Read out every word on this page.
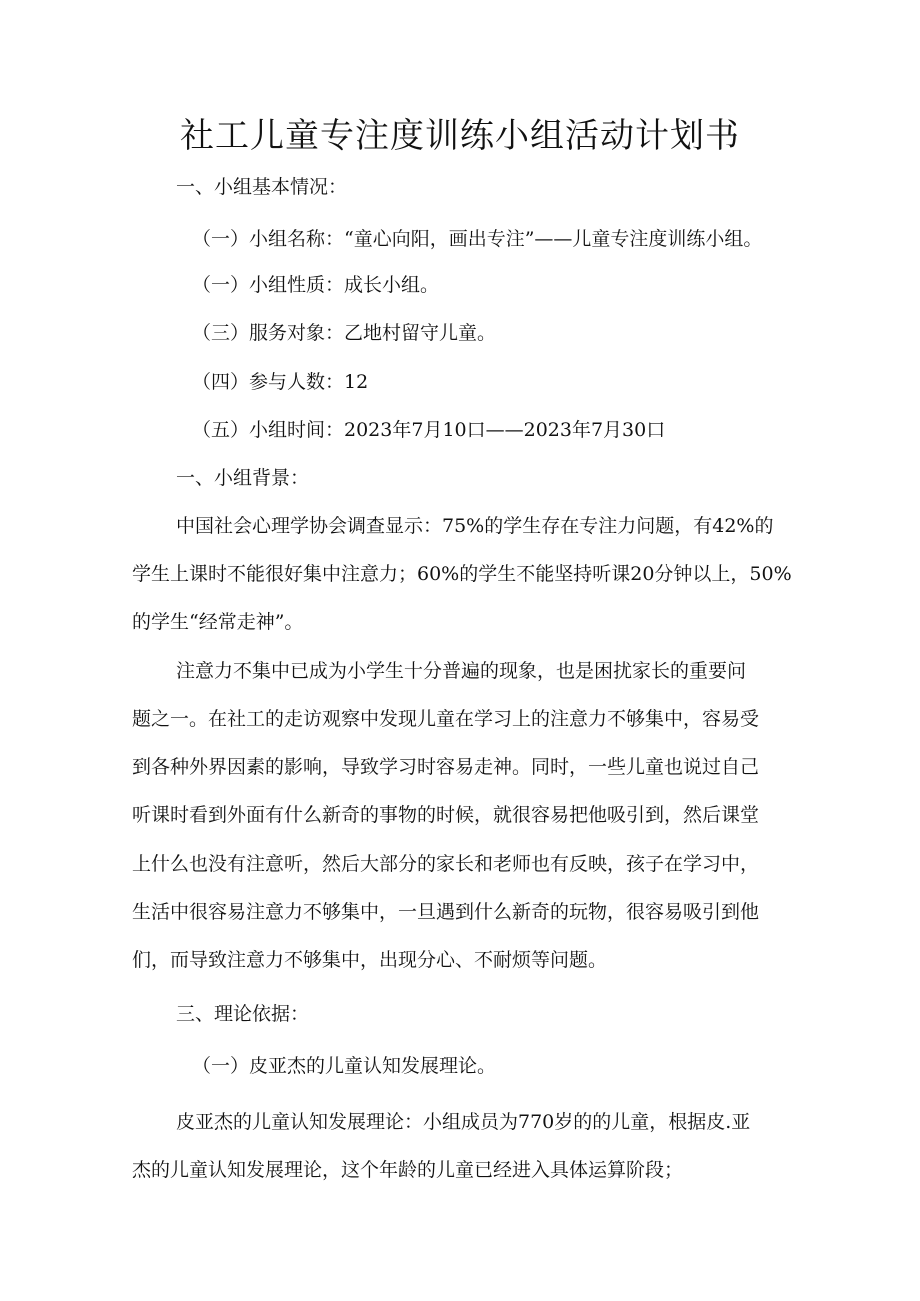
社工儿童专注度训练小组活动计划书
一、小组基本情况：
（一）小组名称：“童心向阳，画出专注”——儿童专注度训练小组。
（一）小组性质：成长小组。
（三）服务对象：乙地村留守儿童。
（四）参与人数：12
（五）小组时间：2023年7月10口——2023年7月30口
一、小组背景：
中国社会心理学协会调查显示：75%的学生存在专注力问题，有42%的
学生上课时不能很好集中注意力；60%的学生不能坚持听课20分钟以上，50%
的学生“经常走神”。
注意力不集中已成为小学生十分普遍的现象，也是困扰家长的重要问
题之一。在社工的走访观察中发现儿童在学习上的注意力不够集中，容易受
到各种外界因素的影响，导致学习时容易走神。同时，一些儿童也说过自己
听课时看到外面有什么新奇的事物的时候，就很容易把他吸引到，然后课堂
上什么也没有注意听，然后大部分的家长和老师也有反映，孩子在学习中，
生活中很容易注意力不够集中，一旦遇到什么新奇的玩物，很容易吸引到他
们，而导致注意力不够集中，出现分心、不耐烦等问题。
三、理论依据：
（一）皮亚杰的儿童认知发展理论。
皮亚杰的儿童认知发展理论：小组成员为770岁的的儿童，根据皮.亚
杰的儿童认知发展理论，这个年龄的儿童已经进入具体运算阶段；
